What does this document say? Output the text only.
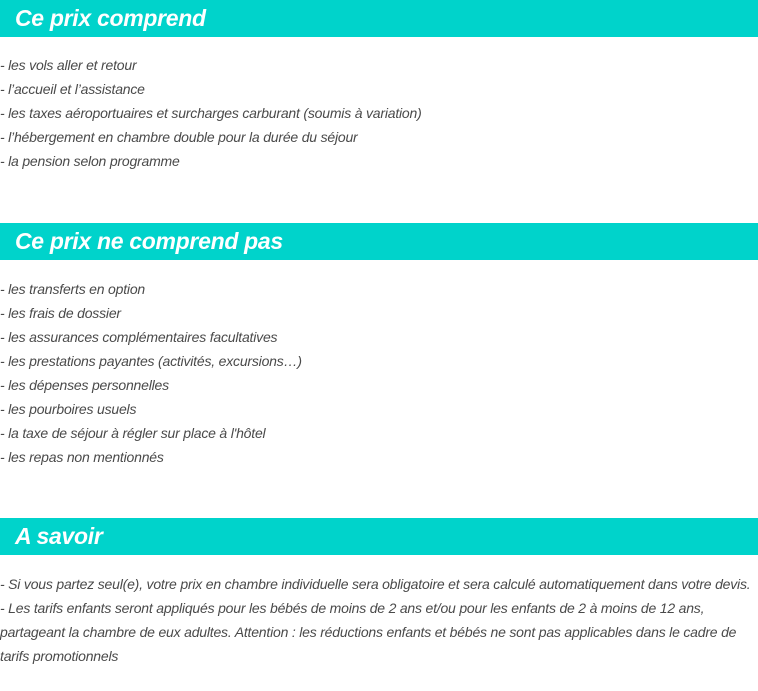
Ce prix comprend
- les vols aller et retour
- l’accueil et l’assistance
- les taxes aéroportuaires et surcharges carburant (soumis à variation)
- l’hébergement en chambre double pour la durée du séjour
- la pension selon programme
Ce prix ne comprend pas
- les transferts en option
- les frais de dossier
- les assurances complémentaires facultatives
- les prestations payantes (activités, excursions…)
- les dépenses personnelles
- les pourboires usuels
- la taxe de séjour à régler sur place à l'hôtel
- les repas non mentionnés
A savoir

- Si vous partez seul(e), votre prix en chambre individuelle sera obligatoire et sera calculé automatiquement dans votre devis.

- Les tarifs enfants seront appliqués pour les bébés de moins de 2 ans et/ou pour les enfants de 2 à moins de 12 ans, partageant la chambre de eux adultes. Attention : les réductions enfants et bébés ne sont pas applicables dans le cadre de tarifs promotionnels
